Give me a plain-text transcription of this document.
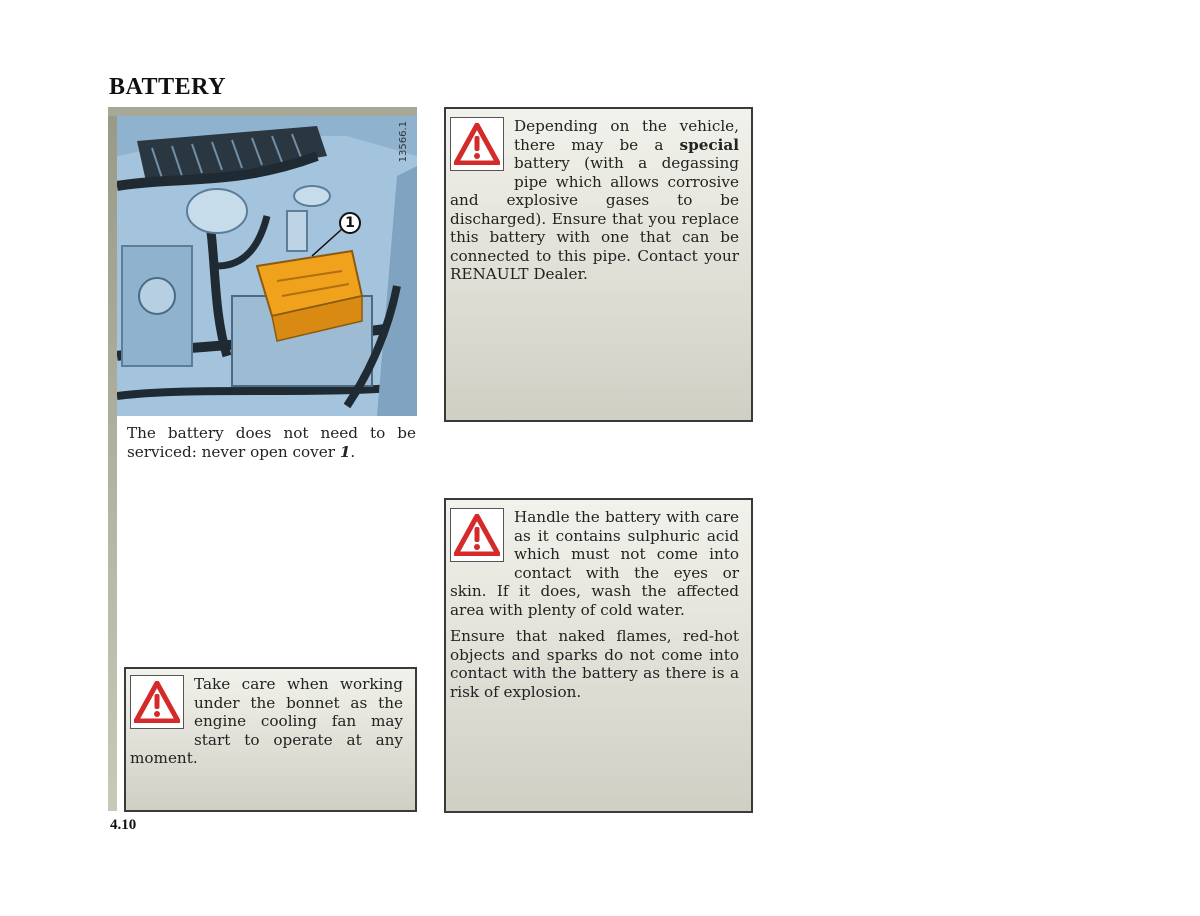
BATTERY
13566.1
1
The battery does not need to be serviced: never open cover 1.
Depending on the vehicle, there may be a special battery (with a degassing pipe which allows corrosive and explosive gases to be discharged). Ensure that you replace this battery with one that can be connected to this pipe. Contact your RENAULT Dealer.

Handle the battery with care as it contains sulphuric acid which must not come into contact with the eyes or skin. If it does, wash the affected area with plenty of cold water.

Ensure that naked flames, red-hot objects and sparks do not come into contact with the battery as there is a risk of explosion.

Take care when working under the bonnet as the engine cooling fan may start to operate at any moment.
4.10
